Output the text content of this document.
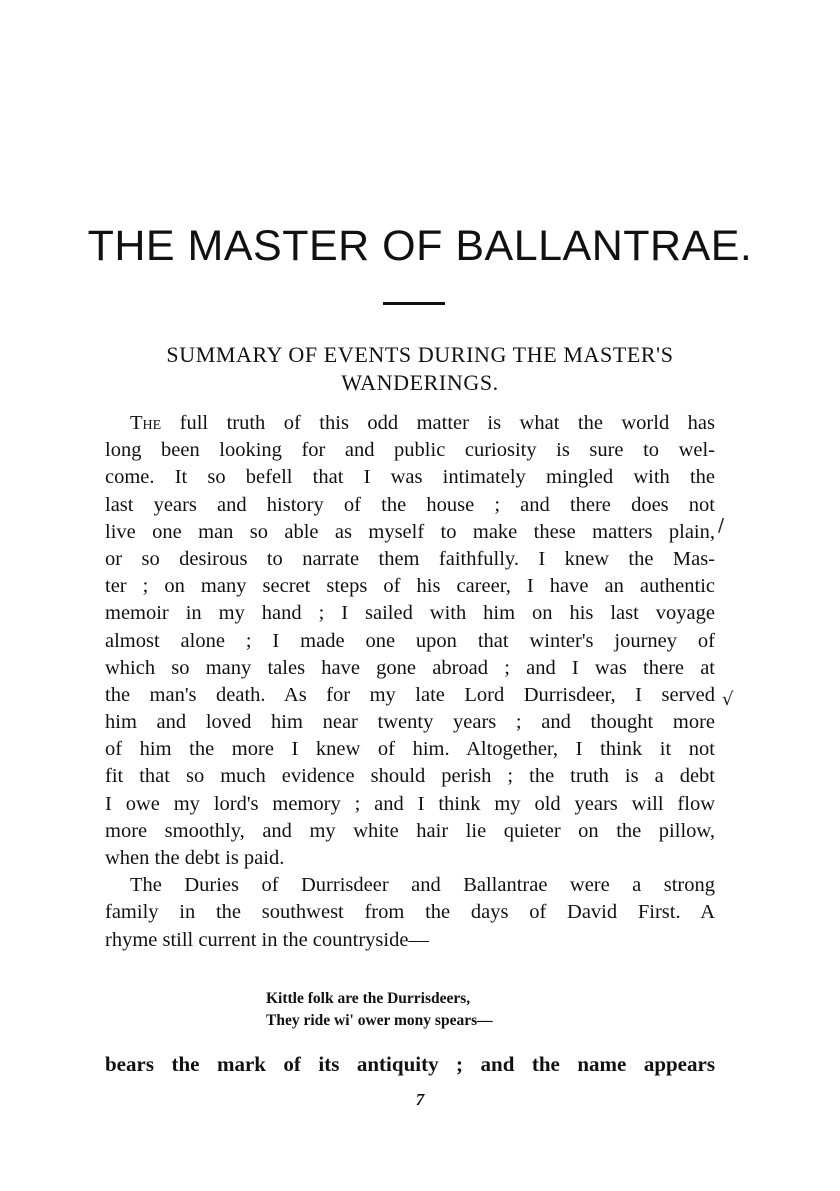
THE MASTER OF BALLANTRAE.
SUMMARY OF EVENTS DURING THE MASTER'S
WANDERINGS.
The full truth of this odd matter is what the world has
long been looking for and public curiosity is sure to wel-
come. It so befell that I was intimately mingled with the
last years and history of the house ; and there does not
live one man so able as myself to make these matters plain,
or so desirous to narrate them faithfully. I knew the Mas-
ter ; on many secret steps of his career, I have an authentic
memoir in my hand ; I sailed with him on his last voyage
almost alone ; I made one upon that winter's journey of
which so many tales have gone abroad ; and I was there at
the man's death. As for my late Lord Durrisdeer, I served
him and loved him near twenty years ; and thought more
of him the more I knew of him. Altogether, I think it not
fit that so much evidence should perish ; the truth is a debt
I owe my lord's memory ; and I think my old years will flow
more smoothly, and my white hair lie quieter on the pillow,
when the debt is paid.
The Duries of Durrisdeer and Ballantrae were a strong
family in the southwest from the days of David First. A
rhyme still current in the countryside—
Kittle folk are the Durrisdeers,
They ride wi' ower mony spears—
bears the mark of its antiquity ; and the name appears
7
/
√
